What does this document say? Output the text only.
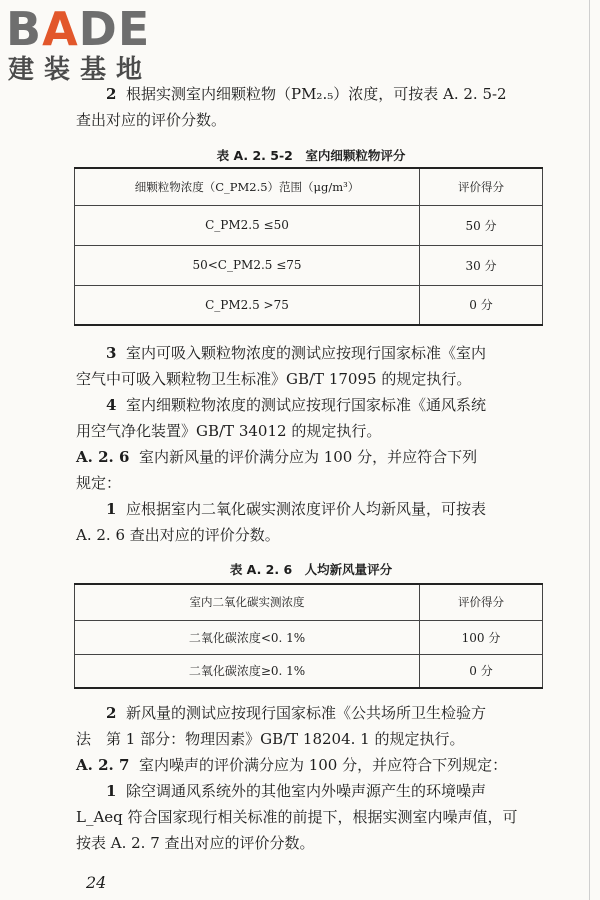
BADE
建装基地
2 根据实测室内细颗粒物（PM₂.₅）浓度，可按表 A. 2. 5-2
查出对应的评价分数。
表 A. 2. 5-2　室内细颗粒物评分
细颗粒物浓度（C_PM2.5）范围（μg/m³）	评价得分
C_PM2.5 ≤50	50 分
50<C_PM2.5 ≤75	30 分
C_PM2.5 >75	0 分
3 室内可吸入颗粒物浓度的测试应按现行国家标准《室内
空气中可吸入颗粒物卫生标准》GB/T 17095 的规定执行。
4 室内细颗粒物浓度的测试应按现行国家标准《通风系统
用空气净化装置》GB/T 34012 的规定执行。
A. 2. 6 室内新风量的评价满分应为 100 分，并应符合下列
规定：
1 应根据室内二氧化碳实测浓度评价人均新风量，可按表
A. 2. 6 查出对应的评价分数。
表 A. 2. 6　人均新风量评分
室内二氧化碳实测浓度	评价得分
二氧化碳浓度<0. 1%	100 分
二氧化碳浓度≥0. 1%	0 分
2 新风量的测试应按现行国家标准《公共场所卫生检验方
法　第 1 部分：物理因素》GB/T 18204. 1 的规定执行。
A. 2. 7 室内噪声的评价满分应为 100 分，并应符合下列规定：
1 除空调通风系统外的其他室内外噪声源产生的环境噪声
L_Aeq 符合国家现行相关标准的前提下，根据实测室内噪声值，可
按表 A. 2. 7 查出对应的评价分数。
24
